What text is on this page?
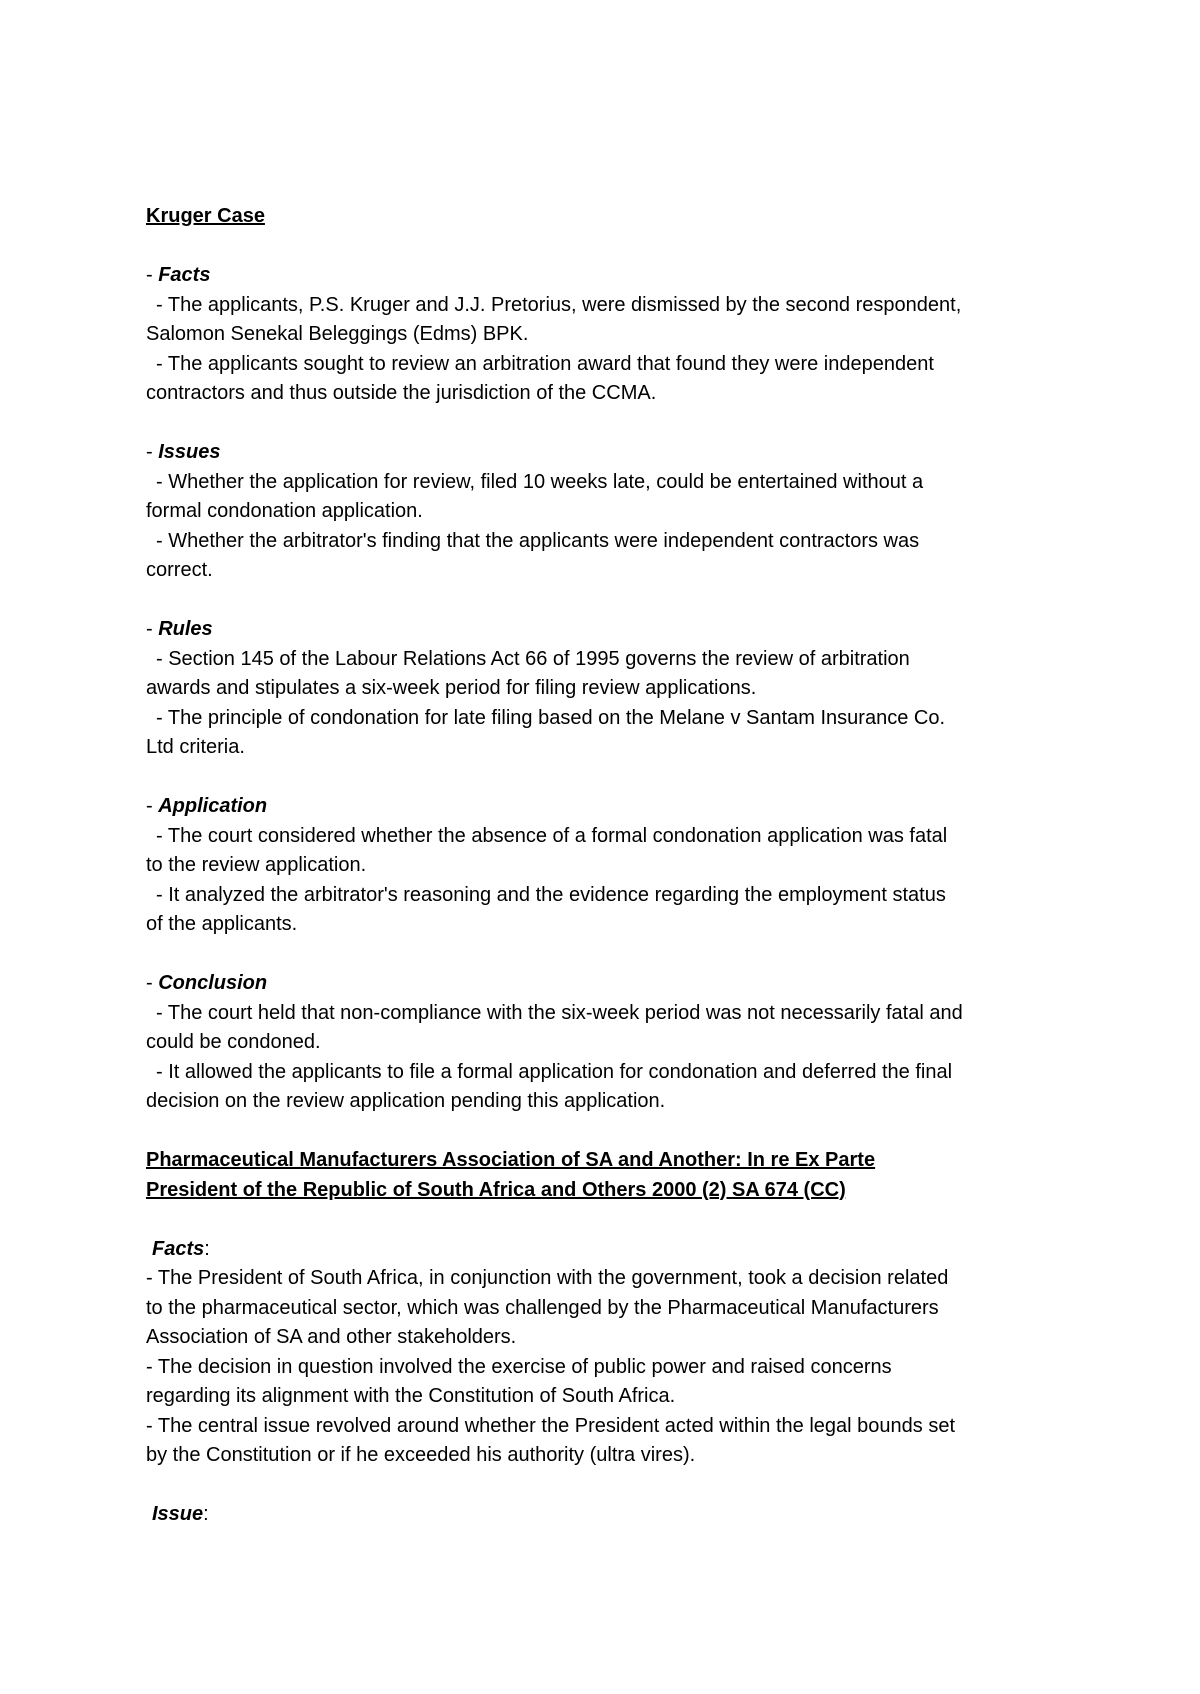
Kruger Case
- Facts
- The applicants, P.S. Kruger and J.J. Pretorius, were dismissed by the second respondent,
Salomon Senekal Beleggings (Edms) BPK.
- The applicants sought to review an arbitration award that found they were independent
contractors and thus outside the jurisdiction of the CCMA.
- Issues
- Whether the application for review, filed 10 weeks late, could be entertained without a
formal condonation application.
- Whether the arbitrator's finding that the applicants were independent contractors was
correct.
- Rules
- Section 145 of the Labour Relations Act 66 of 1995 governs the review of arbitration
awards and stipulates a six-week period for filing review applications.
- The principle of condonation for late filing based on the Melane v Santam Insurance Co.
Ltd criteria.
- Application
- The court considered whether the absence of a formal condonation application was fatal
to the review application.
- It analyzed the arbitrator's reasoning and the evidence regarding the employment status
of the applicants.
- Conclusion
- The court held that non-compliance with the six-week period was not necessarily fatal and
could be condoned.
- It allowed the applicants to file a formal application for condonation and deferred the final
decision on the review application pending this application.
Pharmaceutical Manufacturers Association of SA and Another: In re Ex Parte
President of the Republic of South Africa and Others 2000 (2) SA 674 (CC)
Facts:
- The President of South Africa, in conjunction with the government, took a decision related
to the pharmaceutical sector, which was challenged by the Pharmaceutical Manufacturers
Association of SA and other stakeholders.
- The decision in question involved the exercise of public power and raised concerns
regarding its alignment with the Constitution of South Africa.
- The central issue revolved around whether the President acted within the legal bounds set
by the Constitution or if he exceeded his authority (ultra vires).
Issue:
